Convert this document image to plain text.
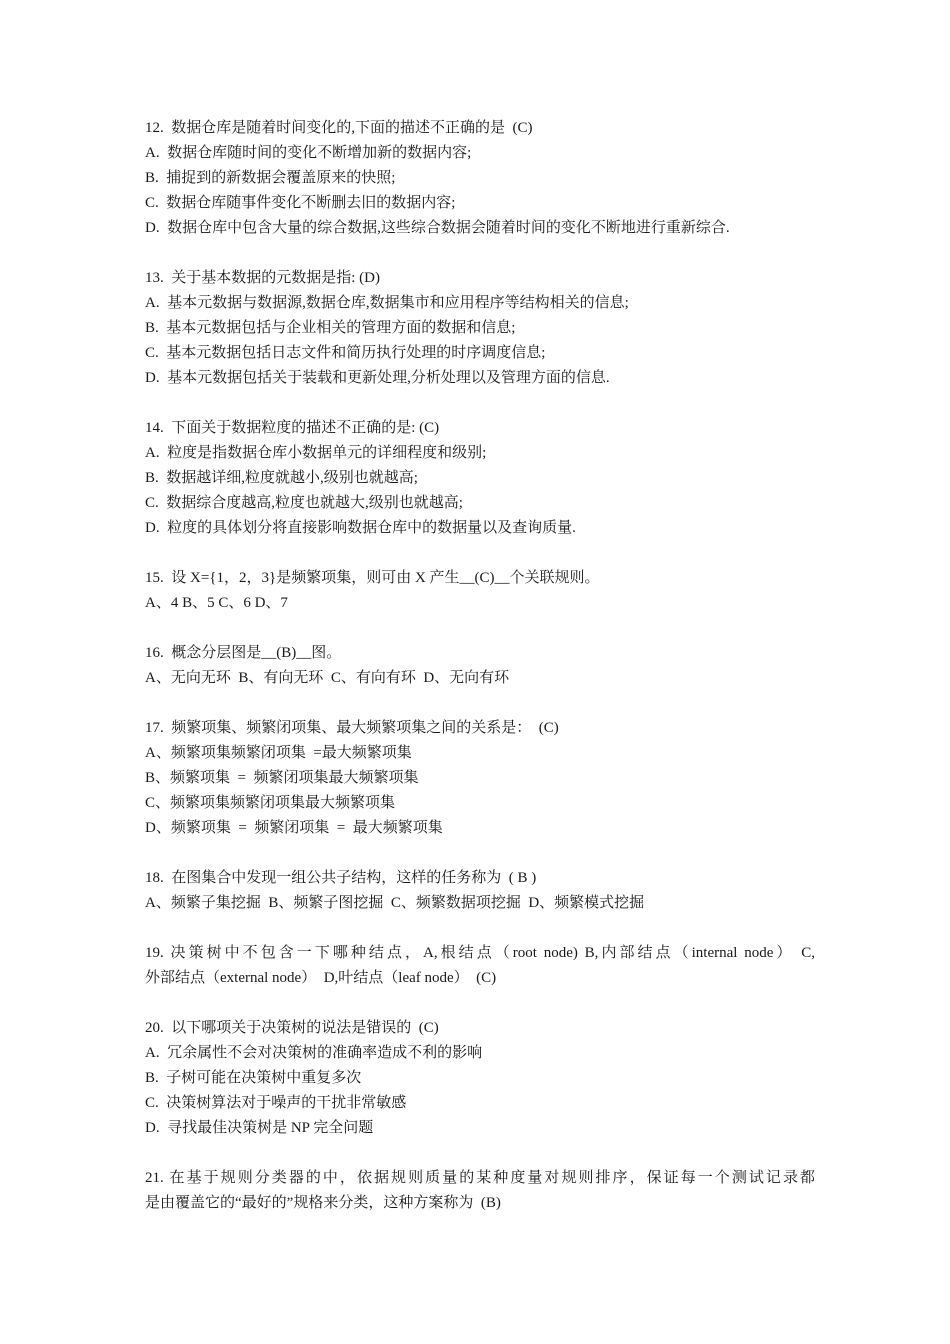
12.  数据仓库是随着时间变化的,下面的描述不正确的是  (C)
A.  数据仓库随时间的变化不断增加新的数据内容;
B.  捕捉到的新数据会覆盖原来的快照;
C.  数据仓库随事件变化不断删去旧的数据内容;
D.  数据仓库中包含大量的综合数据,这些综合数据会随着时间的变化不断地进行重新综合.
13.  关于基本数据的元数据是指: (D)
A.  基本元数据与数据源,数据仓库,数据集市和应用程序等结构相关的信息;
B.  基本元数据包括与企业相关的管理方面的数据和信息;
C.  基本元数据包括日志文件和简历执行处理的时序调度信息;
D.  基本元数据包括关于装载和更新处理,分析处理以及管理方面的信息.
14.  下面关于数据粒度的描述不正确的是: (C)
A.  粒度是指数据仓库小数据单元的详细程度和级别;
B.  数据越详细,粒度就越小,级别也就越高;
C.  数据综合度越高,粒度也就越大,级别也就越高;
D.  粒度的具体划分将直接影响数据仓库中的数据量以及查询质量.
15.  设 X={1，2，3}是频繁项集，则可由 X 产生__(C)__个关联规则。
A、4 B、5 C、6 D、7
16.  概念分层图是__(B)__图。
A、无向无环  B、有向无环  C、有向有环  D、无向有环
17.  频繁项集、频繁闭项集、最大频繁项集之间的关系是：  (C)
A、频繁项集频繁闭项集  =最大频繁项集
B、频繁项集  =  频繁闭项集最大频繁项集
C、频繁项集频繁闭项集最大频繁项集
D、频繁项集  =  频繁闭项集  =  最大频繁项集
18.  在图集合中发现一组公共子结构，这样的任务称为  ( B )
A、频繁子集挖掘  B、频繁子图挖掘  C、频繁数据项挖掘  D、频繁模式挖掘
19. 决策树中不包含一下哪种结点，A,根结点（root node) B,内部结点（internal node） C,
外部结点（external node）  D,叶结点（leaf node）  (C)
20.  以下哪项关于决策树的说法是错误的  (C)
A.  冗余属性不会对决策树的准确率造成不利的影响
B.  子树可能在决策树中重复多次
C.  决策树算法对于噪声的干扰非常敏感
D.  寻找最佳决策树是 NP 完全问题
21. 在基于规则分类器的中，依据规则质量的某种度量对规则排序，保证每一个测试记录都
是由覆盖它的“最好的”规格来分类，这种方案称为  (B)
